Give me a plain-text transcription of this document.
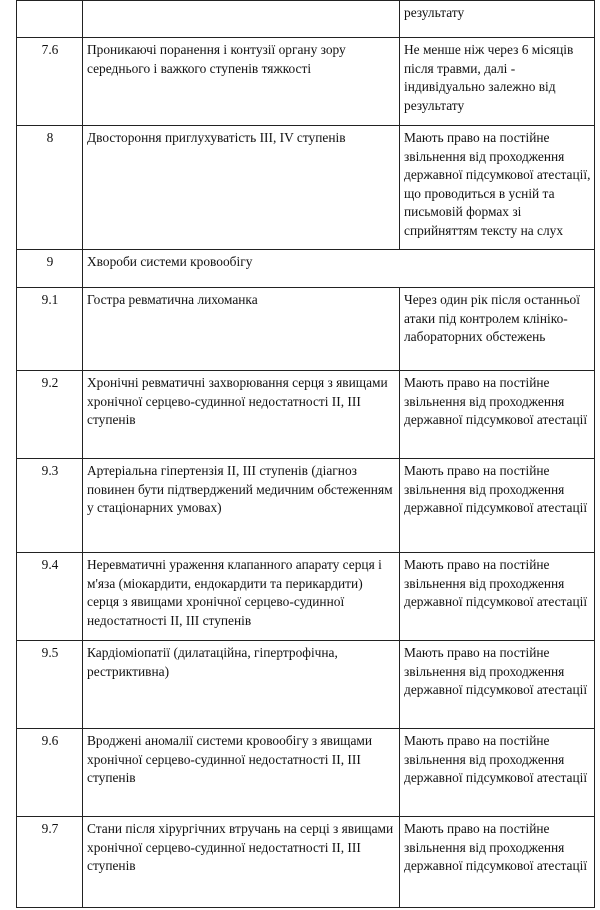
		результату
7.6	Проникаючі поранення і контузії органу зору середнього і важкого ступенів тяжкості	Не менше ніж через 6 місяців після травми, далі - індивідуально залежно від результату
8	Двостороння приглухуватість III, IV ступенів	Мають право на постійне звільнення від проходження державної підсумкової атестації, що проводиться в усній та письмовій формах зі сприйняттям тексту на слух
9	Хвороби системи кровообігу	
9.1	Гостра ревматична лихоманка	Через один рік після останньої атаки під контролем клініко-лабораторних обстежень
9.2	Хронічні ревматичні захворювання серця з явищами хронічної серцево-судинної недостатності II, III ступенів	Мають право на постійне звільнення від проходження державної підсумкової атестації
9.3	Артеріальна гіпертензія II, III ступенів (діагноз повинен бути підтверджений медичним обстеженням у стаціонарних умовах)	Мають право на постійне звільнення від проходження державної підсумкової атестації
9.4	Неревматичні ураження клапанного апарату серця і м'яза (міокардити, ендокардити та перикардити) серця з явищами хронічної серцево-судинної недостатності II, III ступенів	Мають право на постійне звільнення від проходження державної підсумкової атестації
9.5	Кардіоміопатії (дилатаційна, гіпертрофічна, рестриктивна)	Мають право на постійне звільнення від проходження державної підсумкової атестації
9.6	Вроджені аномалії системи кровообігу з явищами хронічної серцево-судинної недостатності II, III ступенів	Мають право на постійне звільнення від проходження державної підсумкової атестації
9.7	Стани після хірургічних втручань на серці з явищами хронічної серцево-судинної недостатності II, III ступенів	Мають право на постійне звільнення від проходження державної підсумкової атестації
